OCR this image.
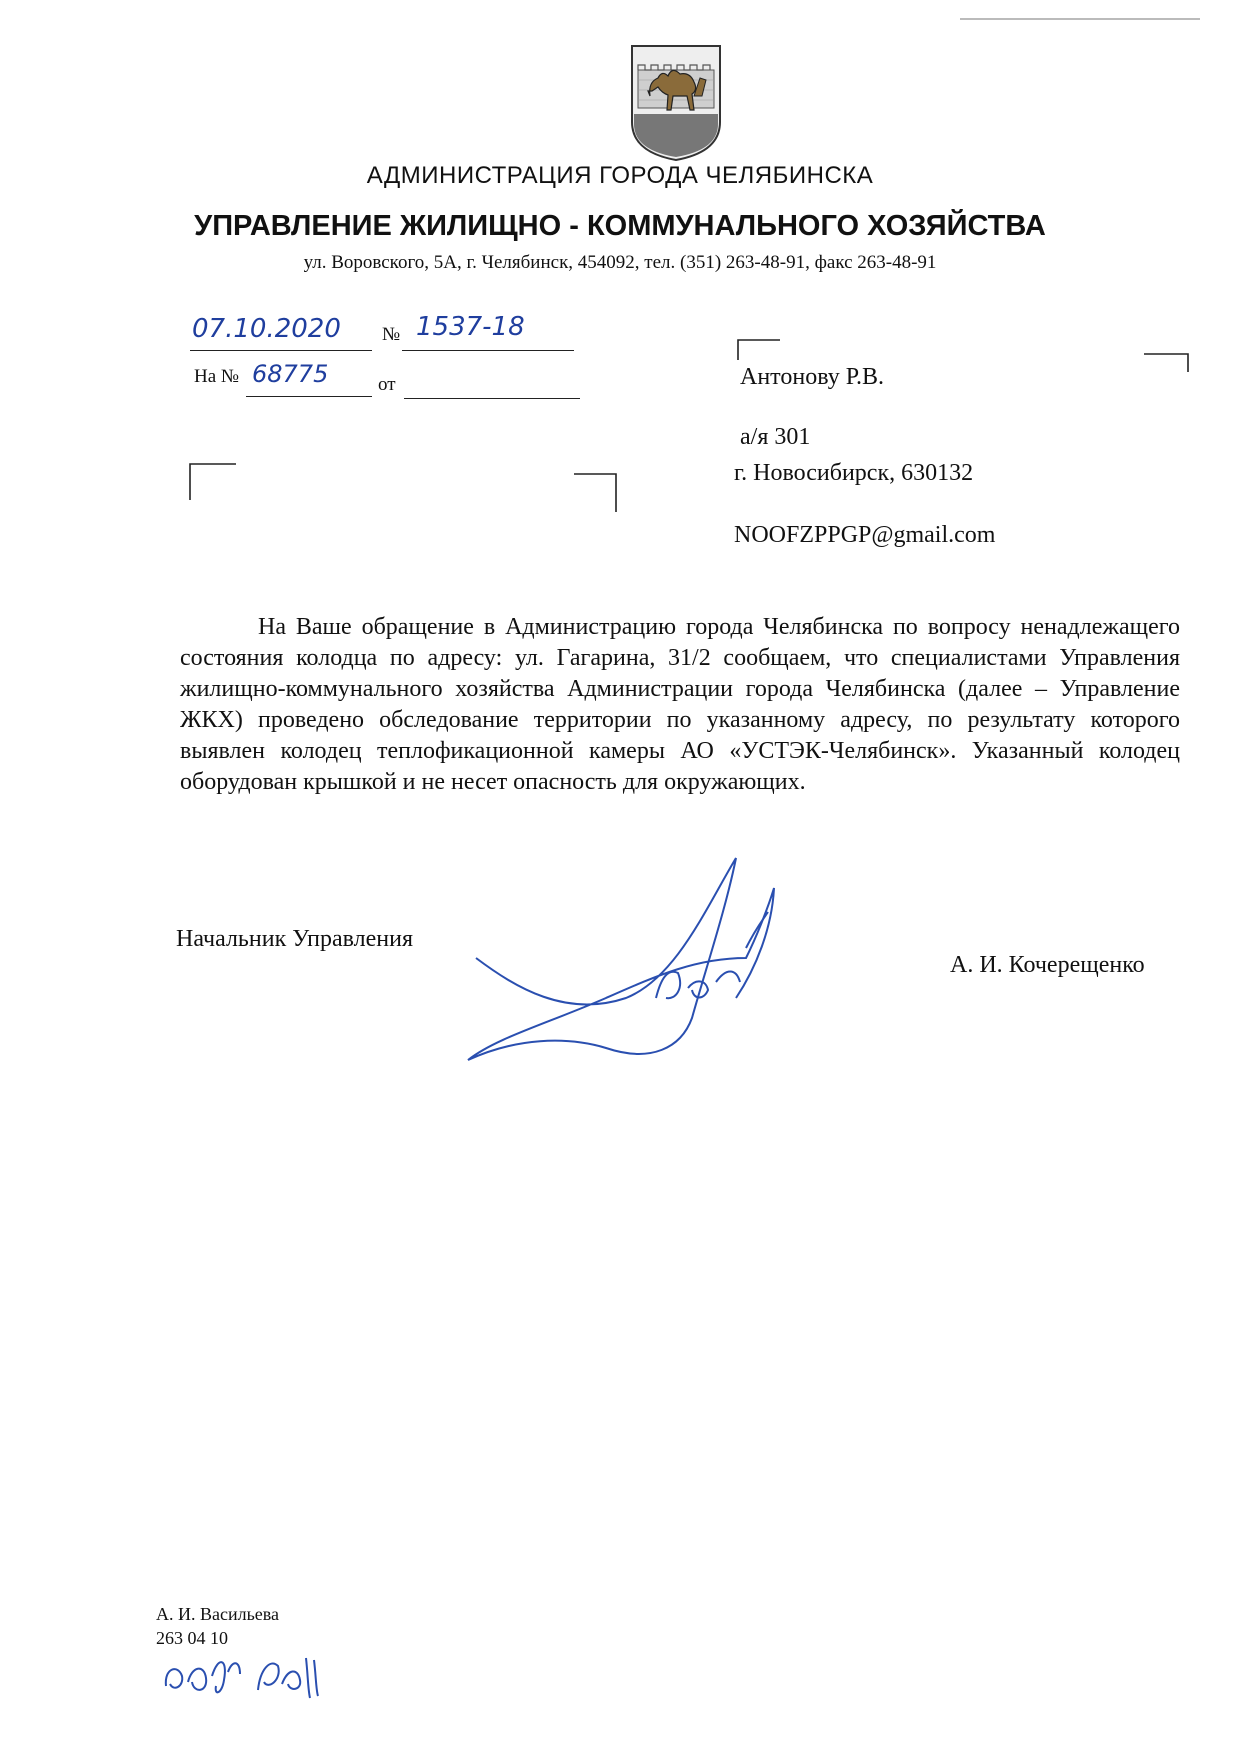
АДМИНИСТРАЦИЯ ГОРОДА ЧЕЛЯБИНСКА
УПРАВЛЕНИЕ ЖИЛИЩНО - КОММУНАЛЬНОГО ХОЗЯЙСТВА
ул. Воровского, 5А, г. Челябинск, 454092, тел. (351) 263-48-91, факс 263-48-91
07.10.2020 № 1537-18
На № 68775	от	Антонову Р.В.
а/я 301
г. Новосибирск, 630132
NOOFZPPGP@gmail.com
На Ваше обращение в Администрацию города Челябинска по вопросу ненадлежащего состояния колодца по адресу: ул. Гагарина, 31/2 сообщаем, что специалистами Управления жилищно-коммунального хозяйства Администрации города Челябинска (далее – Управление ЖКХ) проведено обследование территории по указанному адресу, по результату которого выявлен колодец теплофикационной камеры АО «УСТЭК-Челябинск». Указанный колодец оборудован крышкой и не несет опасность для окружающих.
Начальник Управления
А. И. Кочерещенко
А. И. Васильева
263 04 10
